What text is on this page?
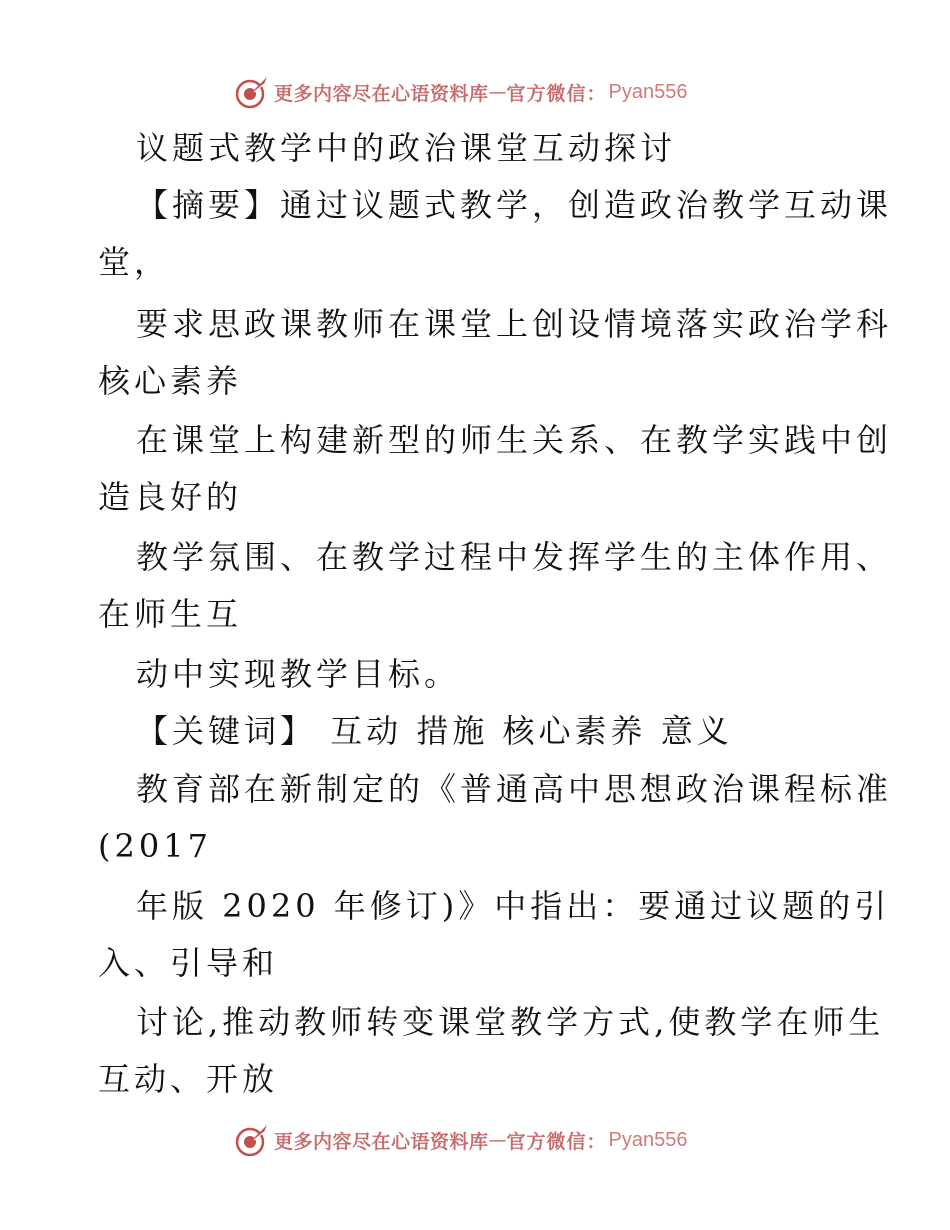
更多内容尽在心语资料库 — 官方微信： Pyan556
议题式教学中的政治课堂互动探讨
【摘要】通过议题式教学，创造政治教学互动课
堂，
要求思政课教师在课堂上创设情境落实政治学科
核心素养
在课堂上构建新型的师生关系、在教学实践中创
造良好的
教学氛围、在教学过程中发挥学生的主体作用、
在师生互
动中实现教学目标。
【关键词】 互动 措施 核心素养 意义
教育部在新制定的《普通高中思想政治课程标准
(2017
年版 2020 年修订)》中指出：要通过议题的引
入、引导和
讨论,推动教师转变课堂教学方式,使教学在师生
互动、开放
更多内容尽在心语资料库 — 官方微信： Pyan556
